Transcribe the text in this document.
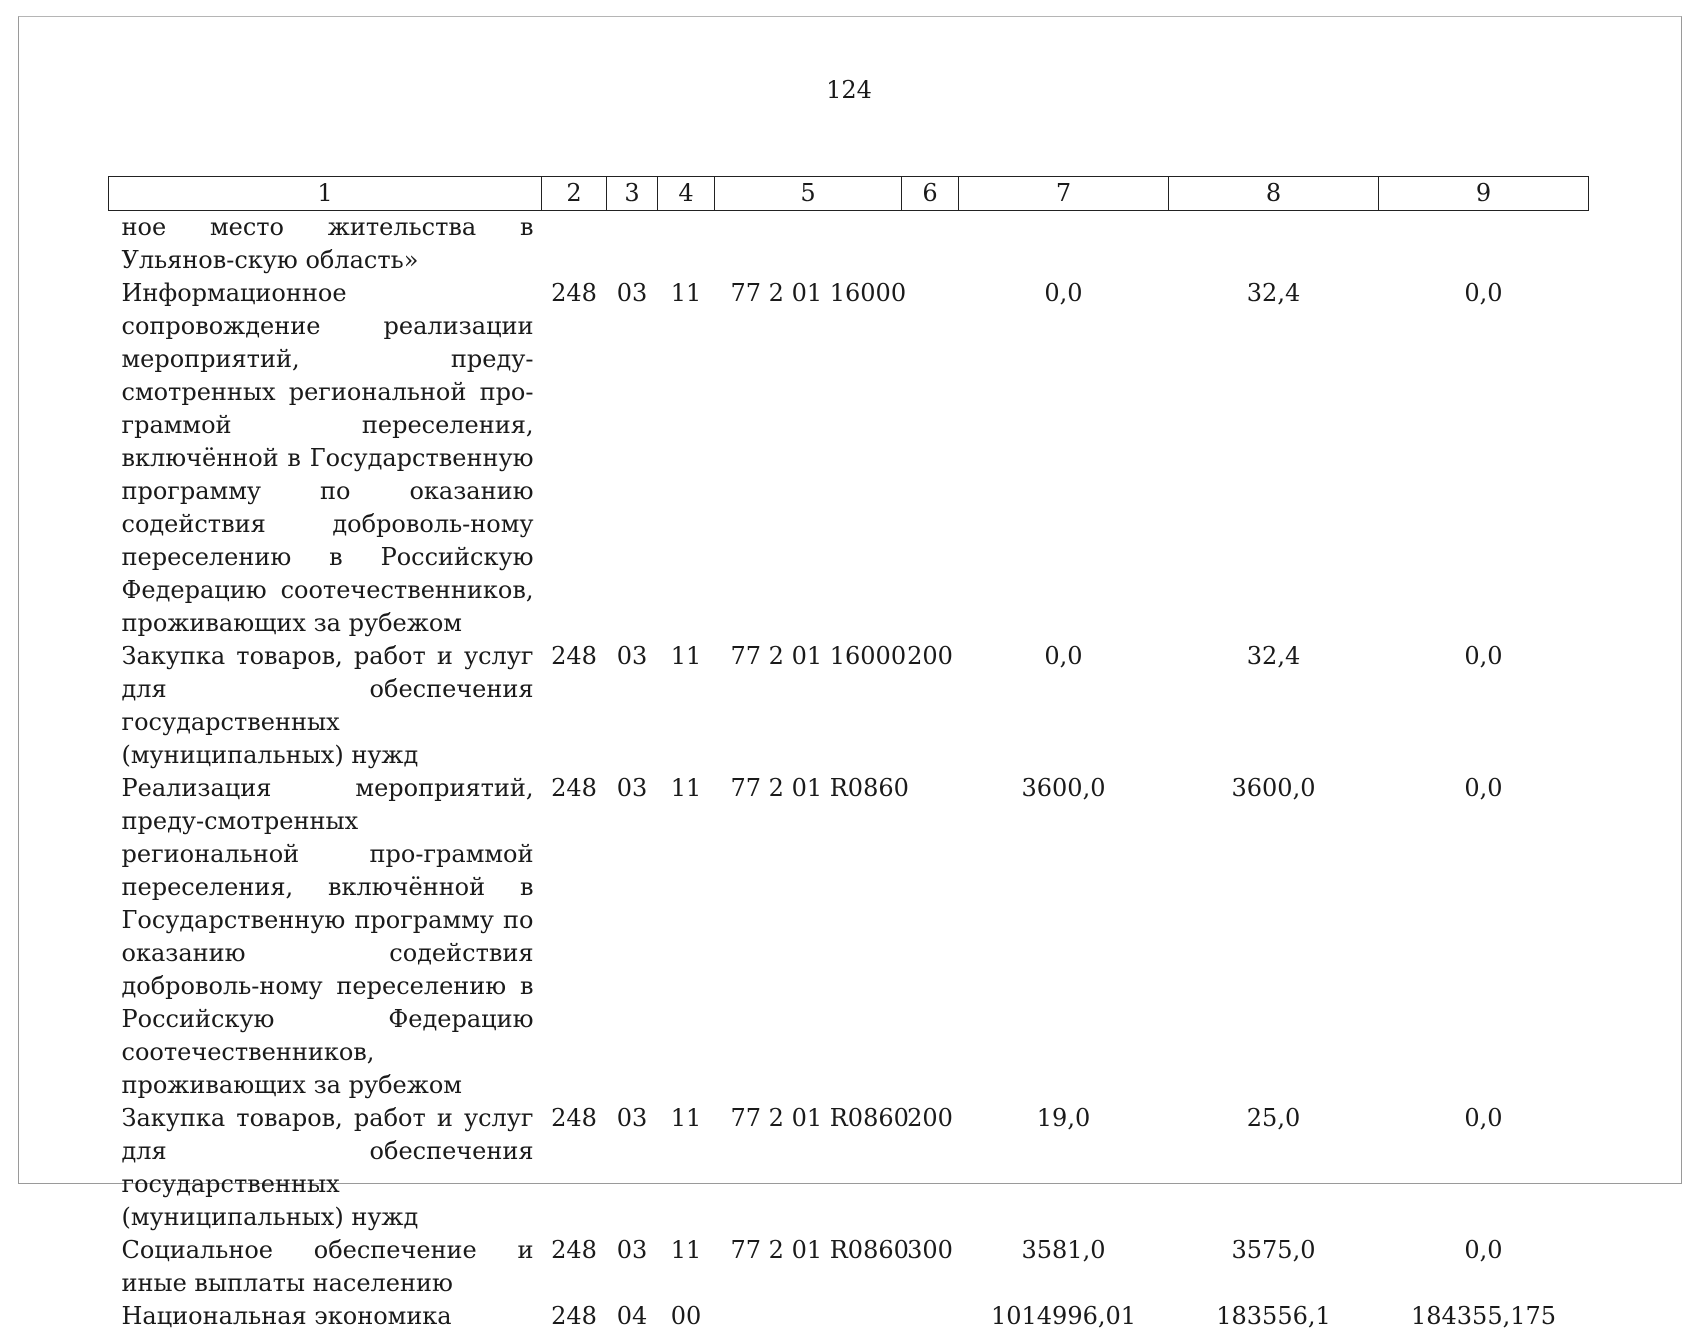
124
1	2	3	4	5	6	7	8	9
ное место жительства в Ульянов-скую область»								
Информационное сопровождение реализации мероприятий, преду-смотренных региональной про-граммой переселения, включённой в Государственную программу по оказанию содействия доброволь-ному переселению в Российскую Федерацию соотечественников, проживающих за рубежом	248	03	11	77 2 01 16000		0,0	32,4	0,0
Закупка товаров, работ и услуг для обеспечения государственных (муниципальных) нужд	248	03	11	77 2 01 16000	200	0,0	32,4	0,0
Реализация мероприятий, преду-смотренных региональной про-граммой переселения, включённой в Государственную программу по оказанию содействия доброволь-ному переселению в Российскую Федерацию соотечественников, проживающих за рубежом	248	03	11	77 2 01 R0860		3600,0	3600,0	0,0
Закупка товаров, работ и услуг для обеспечения государственных (муниципальных) нужд	248	03	11	77 2 01 R0860	200	19,0	25,0	0,0
Социальное обеспечение и иные выплаты населению	248	03	11	77 2 01 R0860	300	3581,0	3575,0	0,0
Национальная экономика	248	04	00			1014996,01	183556,1	184355,175
